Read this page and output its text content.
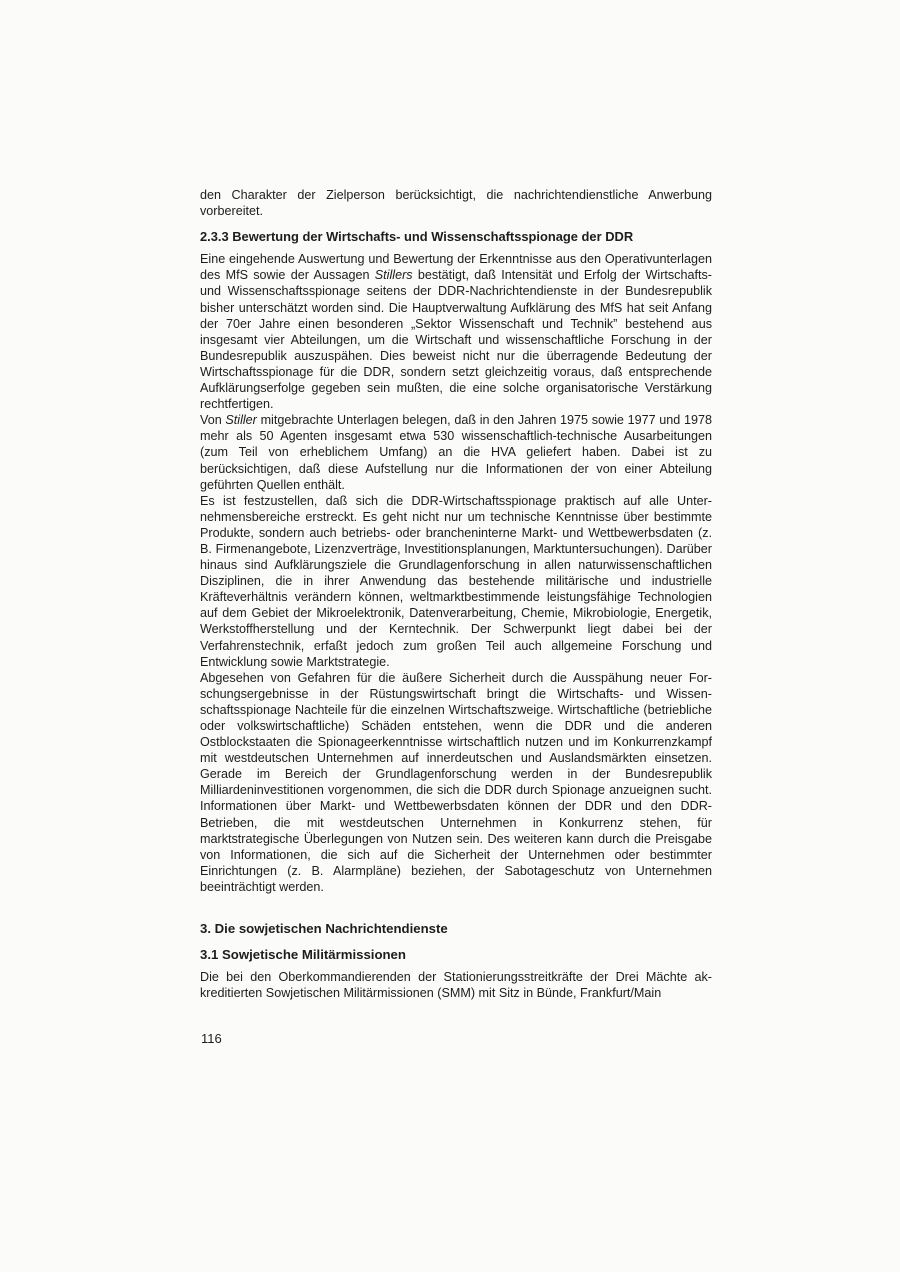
den Charakter der Zielperson berücksichtigt, die nachrichtendienstliche Anwerbung vorbereitet.

2.3.3 Bewertung der Wirtschafts- und Wissenschaftsspionage der DDR

Eine eingehende Auswertung und Bewertung der Erkenntnisse aus den Operativunterlagen des MfS sowie der Aussagen Stillers bestätigt, daß Intensität und Erfolg der Wirtschafts- und Wissenschaftsspionage seitens der DDR-Nachrichtendienste in der Bundesrepublik bisher unterschätzt worden sind. Die Hauptverwaltung Aufklärung des MfS hat seit Anfang der 70er Jahre einen besonderen „Sektor Wissenschaft und Technik” bestehend aus insgesamt vier Abteilungen, um die Wirtschaft und wissenschaftliche Forschung in der Bundesrepublik auszuspähen. Dies beweist nicht nur die überragende Bedeutung der Wirtschaftsspionage für die DDR, sondern setzt gleichzeitig voraus, daß entsprechende Aufklärungserfolge gegeben sein mußten, die eine solche organisatorische Verstärkung rechtfertigen.

Von Stiller mitgebrachte Unterlagen belegen, daß in den Jahren 1975 sowie 1977 und 1978 mehr als 50 Agenten insgesamt etwa 530 wissenschaftlich-technische Ausarbeitungen (zum Teil von erheblichem Umfang) an die HVA geliefert haben. Dabei ist zu berücksichtigen, daß diese Aufstellung nur die Informationen der von einer Abteilung geführten Quellen enthält.

Es ist festzustellen, daß sich die DDR-Wirtschaftsspionage praktisch auf alle Unternehmensbereiche erstreckt. Es geht nicht nur um technische Kenntnisse über bestimmte Produkte, sondern auch betriebs- oder brancheninterne Markt- und Wettbewerbsdaten (z. B. Firmenangebote, Lizenzverträge, Investitionsplanungen, Marktuntersuchungen). Darüber hinaus sind Aufklärungsziele die Grundlagenforschung in allen naturwissenschaftlichen Disziplinen, die in ihrer Anwendung das bestehende militärische und industrielle Kräfteverhältnis verändern können, weltmarktbestimmende leistungsfähige Technologien auf dem Gebiet der Mikroelektronik, Datenverarbeitung, Chemie, Mikrobiologie, Energetik, Werkstoffherstellung und der Kerntechnik. Der Schwerpunkt liegt dabei bei der Verfahrenstechnik, erfaßt jedoch zum großen Teil auch allgemeine Forschung und Entwicklung sowie Marktstrategie.

Abgesehen von Gefahren für die äußere Sicherheit durch die Ausspähung neuer Forschungsergebnisse in der Rüstungswirtschaft bringt die Wirtschafts- und Wissenschaftsspionage Nachteile für die einzelnen Wirtschaftszweige. Wirtschaftliche (betriebliche oder volkswirtschaftliche) Schäden entstehen, wenn die DDR und die anderen Ostblockstaaten die Spionageerkenntnisse wirtschaftlich nutzen und im Konkurrenzkampf mit westdeutschen Unternehmen auf innerdeutschen und Auslandsmärkten einsetzen. Gerade im Bereich der Grundlagenforschung werden in der Bundesrepublik Milliardeninvestitionen vorgenommen, die sich die DDR durch Spionage anzueignen sucht. Informationen über Markt- und Wettbewerbsdaten können der DDR und den DDR-Betrieben, die mit westdeutschen Unternehmen in Konkurrenz stehen, für marktstrategische Überlegungen von Nutzen sein. Des weiteren kann durch die Preisgabe von Informationen, die sich auf die Sicherheit der Unternehmen oder bestimmter Einrichtungen (z. B. Alarmpläne) beziehen, der Sabotageschutz von Unternehmen beeinträchtigt werden.

3. Die sowjetischen Nachrichtendienste
3.1 Sowjetische Militärmissionen

Die bei den Oberkommandierenden der Stationierungsstreitkräfte der Drei Mächte akkreditierten Sowjetischen Militärmissionen (SMM) mit Sitz in Bünde, Frankfurt/Main

116
